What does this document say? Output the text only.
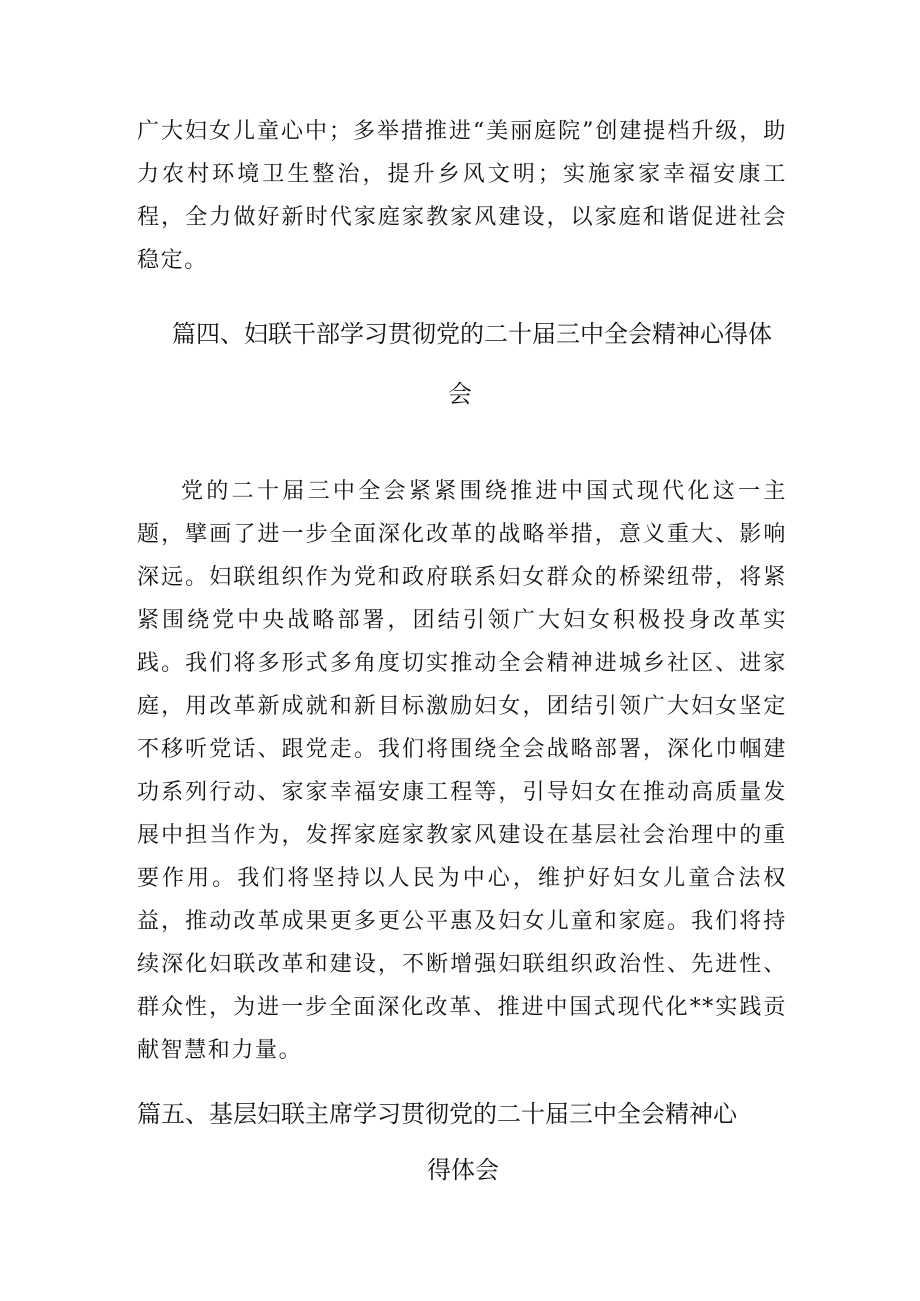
广大妇女儿童心中；多举措推进“美丽庭院”创建提档升级，助力农村环境卫生整治，提升乡风文明；实施家家幸福安康工程，全力做好新时代家庭家教家风建设，以家庭和谐促进社会稳定。

篇四、妇联干部学习贯彻党的二十届三中全会精神心得体
会

党的二十届三中全会紧紧围绕推进中国式现代化这一主题，擘画了进一步全面深化改革的战略举措，意义重大、影响深远。妇联组织作为党和政府联系妇女群众的桥梁纽带，将紧紧围绕党中央战略部署，团结引领广大妇女积极投身改革实践。我们将多形式多角度切实推动全会精神进城乡社区、进家庭，用改革新成就和新目标激励妇女，团结引领广大妇女坚定不移听党话、跟党走。我们将围绕全会战略部署，深化巾帼建功系列行动、家家幸福安康工程等，引导妇女在推动高质量发展中担当作为，发挥家庭家教家风建设在基层社会治理中的重要作用。我们将坚持以人民为中心，维护好妇女儿童合法权益，推动改革成果更多更公平惠及妇女儿童和家庭。我们将持续深化妇联改革和建设，不断增强妇联组织政治性、先进性、群众性，为进一步全面深化改革、推进中国式现代化**实践贡献智慧和力量。

篇五、基层妇联主席学习贯彻党的二十届三中全会精神心
得体会
